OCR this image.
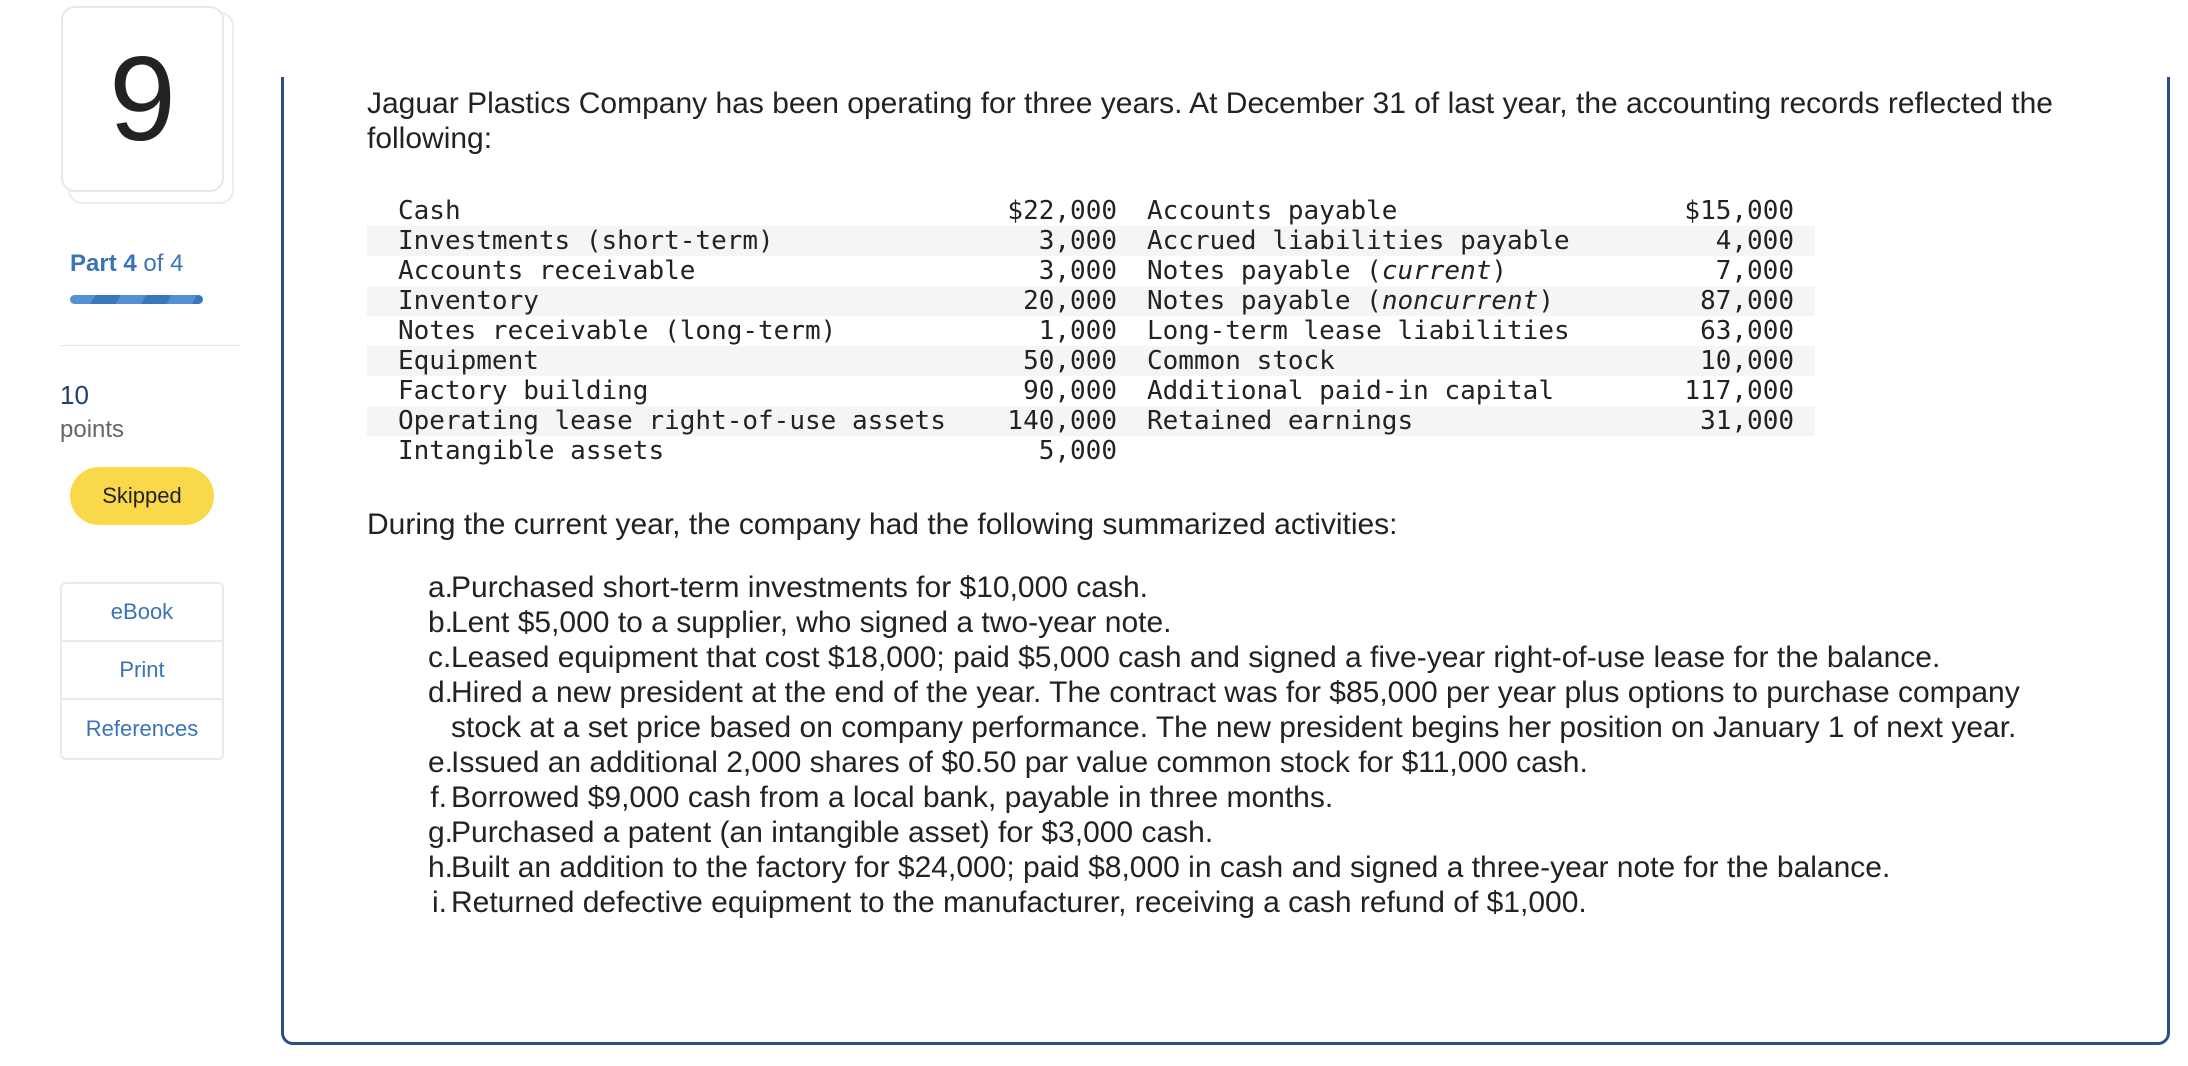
9
Part 4 of 4
10
points
Skipped
eBook
Print
References

Jaguar Plastics Company has been operating for three years. At December 31 of last year, the accounting records reflected the following:

Cash	$22,000	Accounts payable	$15,000
Investments (short-term)	3,000	Accrued liabilities payable	4,000
Accounts receivable	3,000	Notes payable (current)	7,000
Inventory	20,000	Notes payable (noncurrent)	87,000
Notes receivable (long-term)	1,000	Long-term lease liabilities	63,000
Equipment	50,000	Common stock	10,000
Factory building	90,000	Additional paid-in capital	117,000
Operating lease right-of-use assets	140,000	Retained earnings	31,000
Intangible assets	5,000		

During the current year, the company had the following summarized activities:

a.
Purchased short-term investments for $10,000 cash.
b.
Lent $5,000 to a supplier, who signed a two-year note.
c. Leased equipment that cost $18,000; paid $5,000 cash and signed a five-year right-of-use lease for the balance.
d.
Hired a new president at the end of the year. The contract was for $85,000 per year plus options to purchase company stock at a set price based on company performance. The new president begins her position on January 1 of next year.
e.
Issued an additional 2,000 shares of $0.50 par value common stock for $11,000 cash.
f. Borrowed $9,000 cash from a local bank, payable in three months.
g.
Purchased a patent (an intangible asset) for $3,000 cash.
h.
Built an addition to the factory for $24,000; paid $8,000 in cash and signed a three-year note for the balance.
i. Returned defective equipment to the manufacturer, receiving a cash refund of $1,000.
